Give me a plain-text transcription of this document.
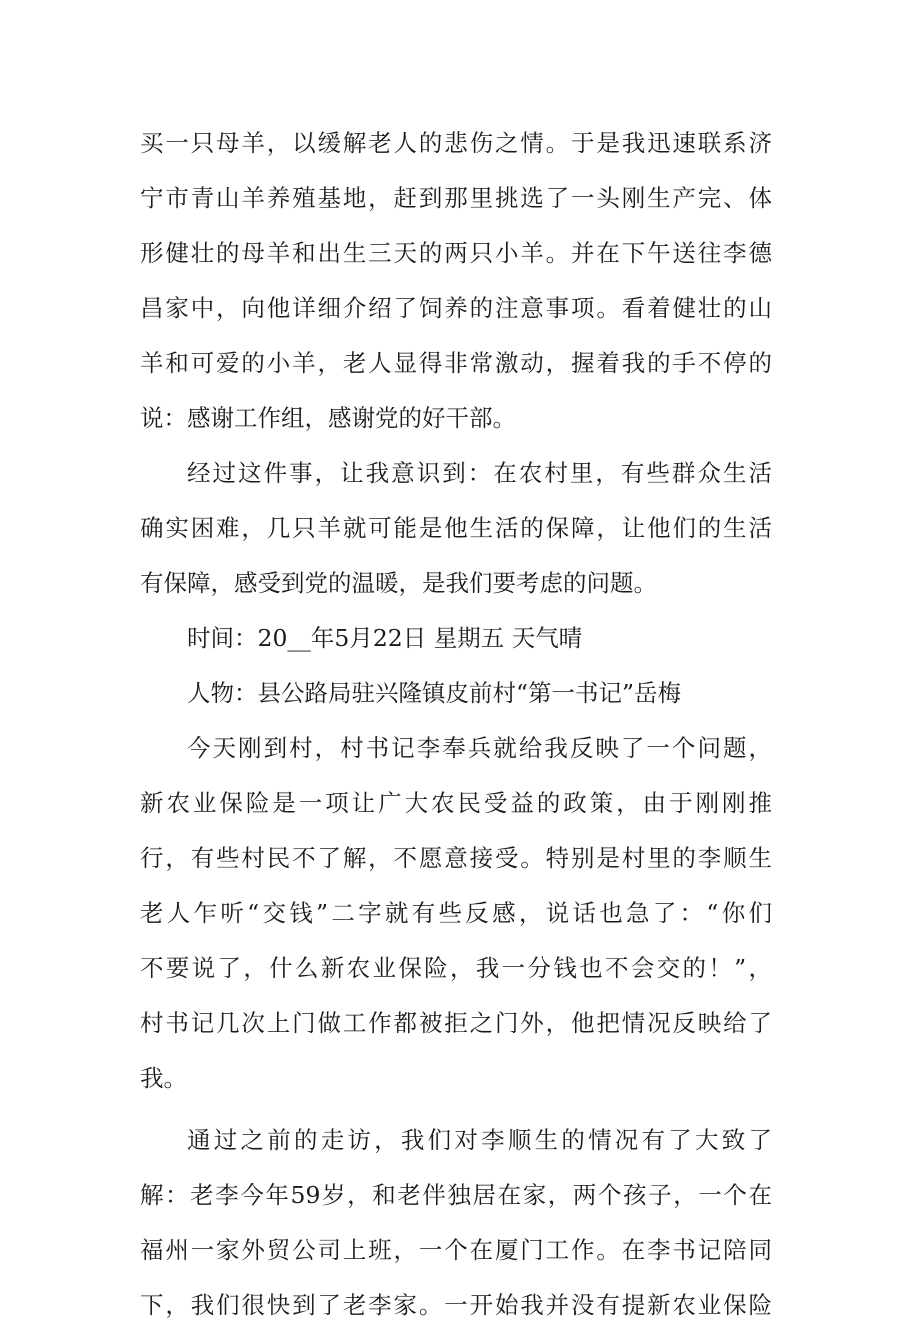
买一只母羊，以缓解老人的悲伤之情。于是我迅速联系济
宁市青山羊养殖基地，赶到那里挑选了一头刚生产完、体
形健壮的母羊和出生三天的两只小羊。并在下午送往李德
昌家中，向他详细介绍了饲养的注意事项。看着健壮的山
羊和可爱的小羊，老人显得非常激动，握着我的手不停的
说：感谢工作组，感谢党的好干部。
经过这件事，让我意识到：在农村里，有些群众生活
确实困难，几只羊就可能是他生活的保障，让他们的生活
有保障，感受到党的温暖，是我们要考虑的问题。
时间：20__年5月22日 星期五 天气晴
人物：县公路局驻兴隆镇皮前村“第一书记”岳梅
今天刚到村，村书记李奉兵就给我反映了一个问题，
新农业保险是一项让广大农民受益的政策，由于刚刚推
行，有些村民不了解，不愿意接受。特别是村里的李顺生
老人乍听“交钱”二字就有些反感，说话也急了：“你们
不要说了，什么新农业保险，我一分钱也不会交的！”，
村书记几次上门做工作都被拒之门外，他把情况反映给了
我。
通过之前的走访，我们对李顺生的情况有了大致了
解：老李今年59岁，和老伴独居在家，两个孩子，一个在
福州一家外贸公司上班，一个在厦门工作。在李书记陪同
下，我们很快到了老李家。一开始我并没有提新农业保险
